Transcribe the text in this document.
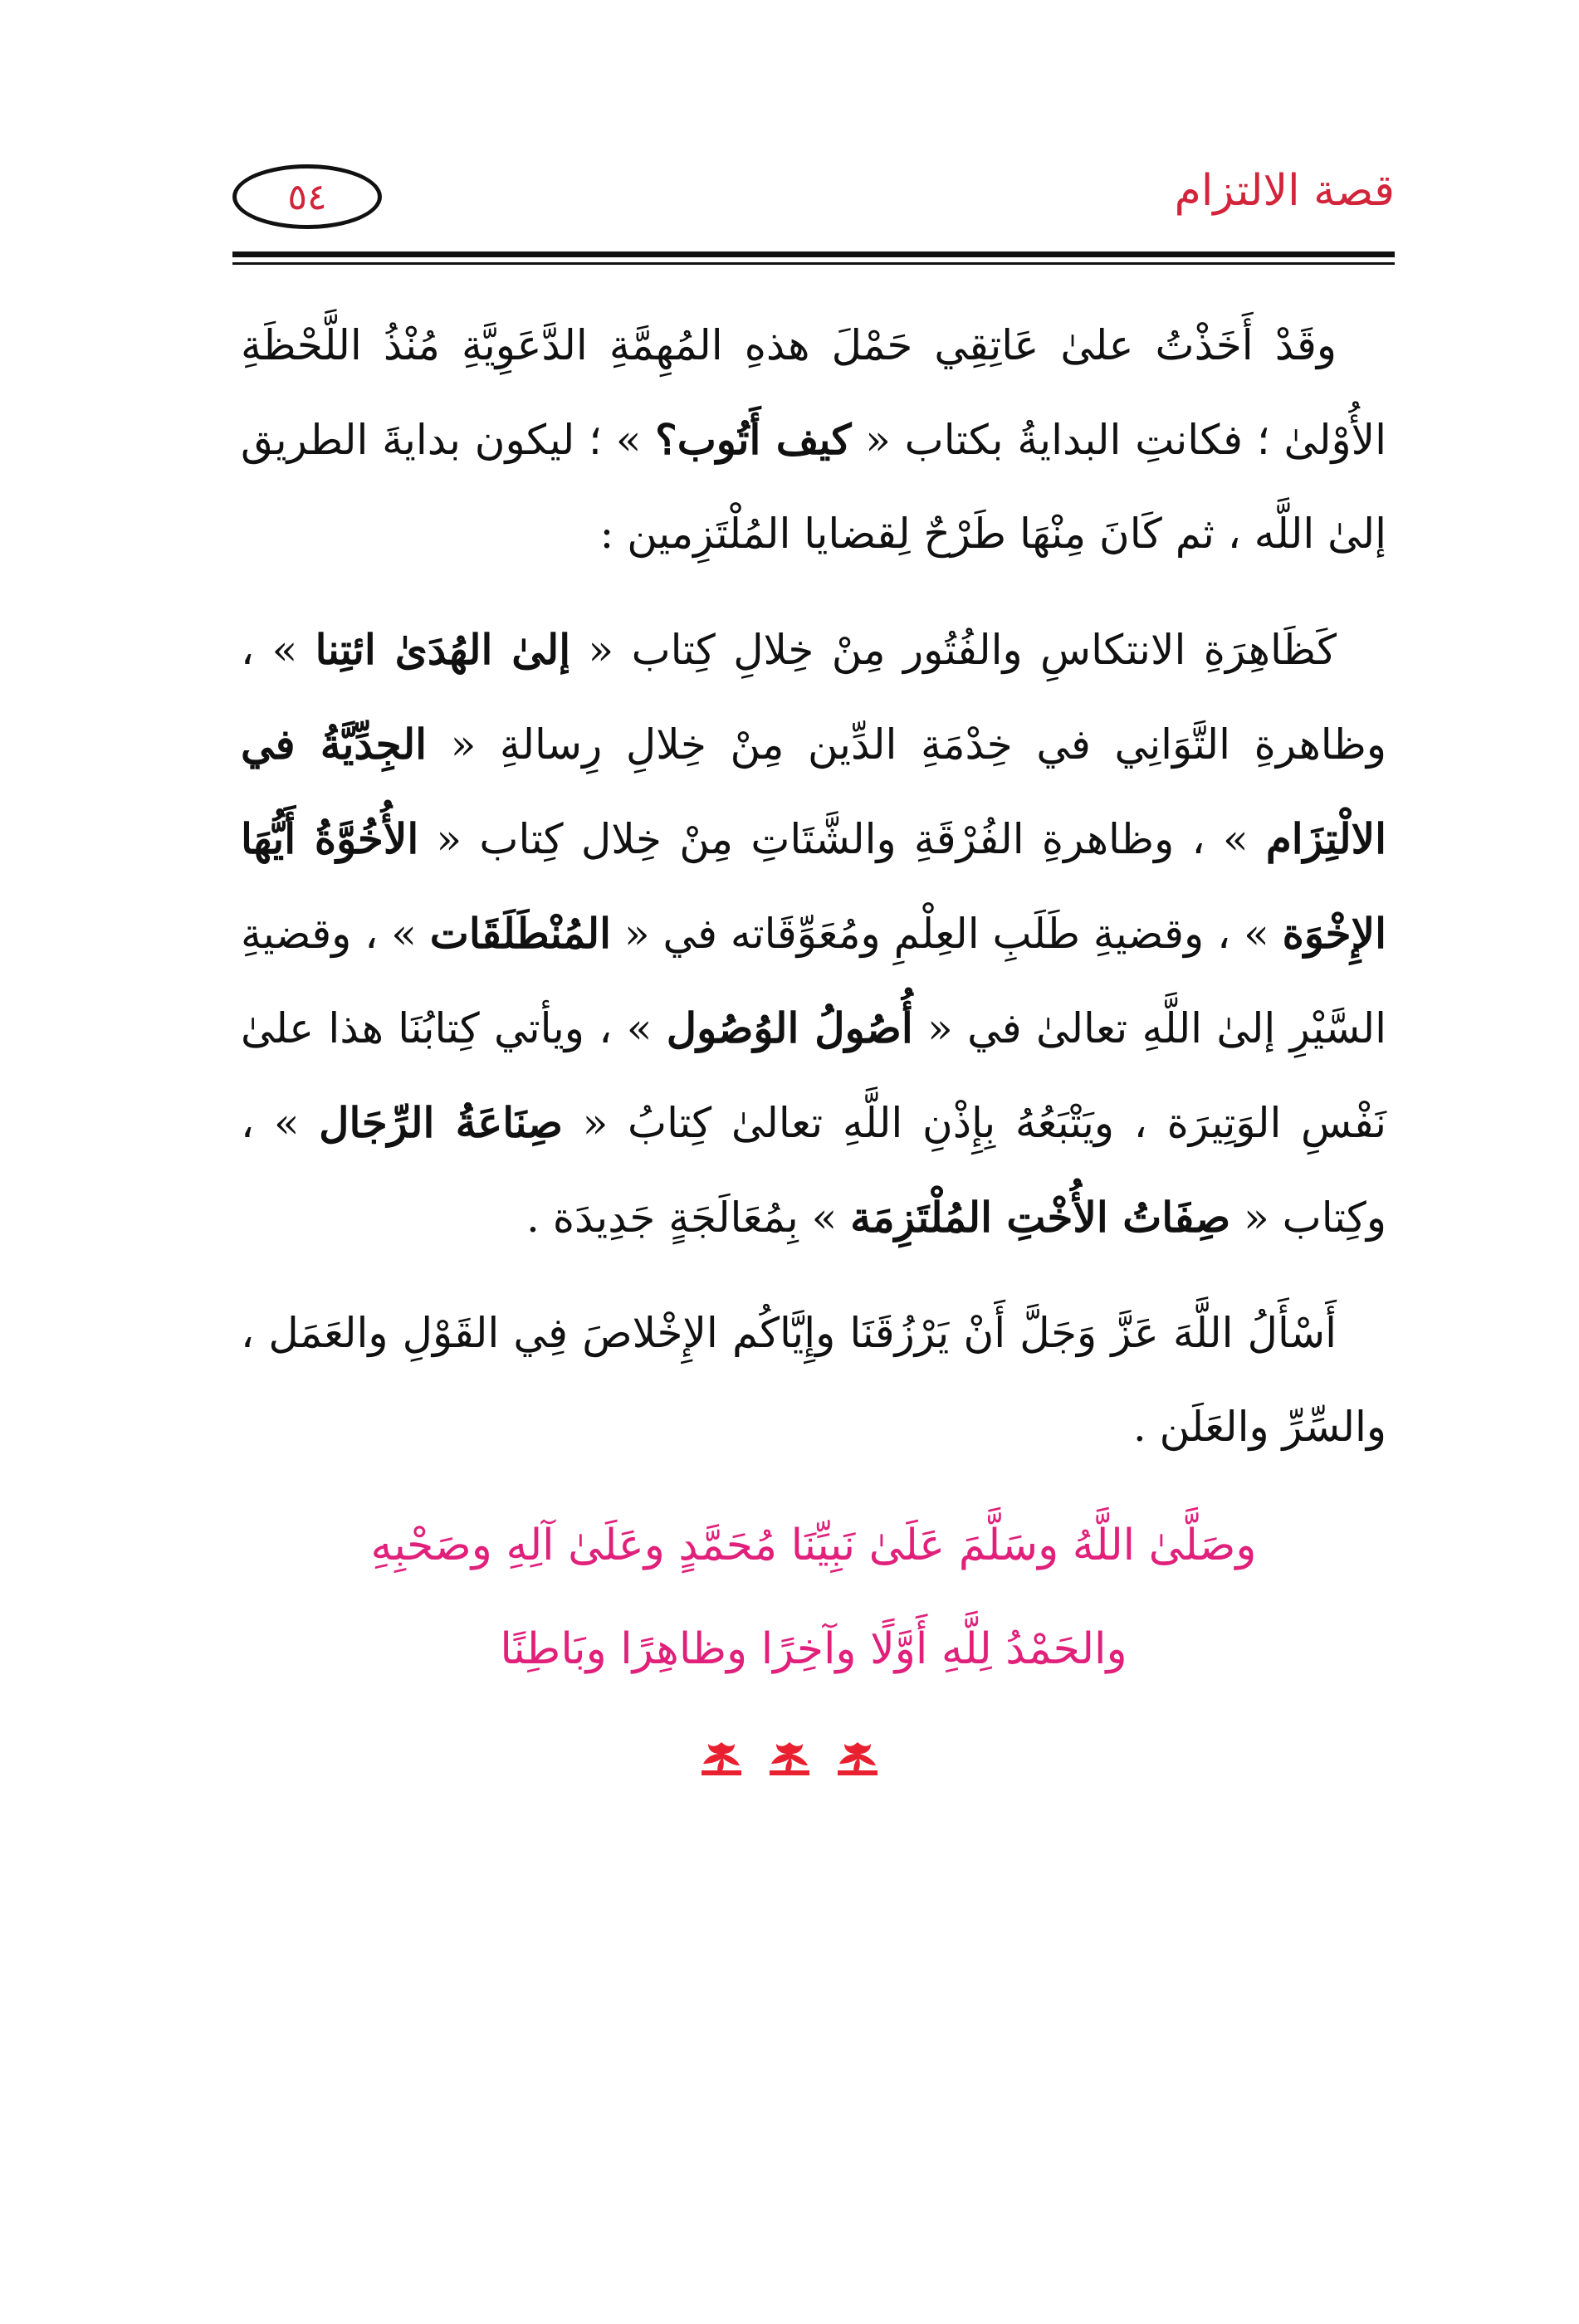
٥٤	قصة الالتزام

وقَدْ أَخَذْتُ علىٰ عَاتِقِي حَمْلَ هذهِ المُهِمَّةِ الدَّعَوِيَّةِ مُنْذُ اللَّحْظَةِ الأُوْلىٰ ؛ فكانتِ البدايةُ بكتاب « كيف أَتُوب؟ » ؛ ليكون بدايةَ الطريق إلىٰ اللَّه ، ثم كَانَ مِنْهَا طَرْحٌ لِقضايا المُلْتَزِمين :

كَظَاهِرَةِ الانتكاسِ والفُتُور مِنْ خِلالِ كِتاب « إلىٰ الهُدَىٰ ائتِنا » ، وظاهرةِ التَّوَانِي في خِدْمَةِ الدِّين مِنْ خِلالِ رِسالةِ « الجِدِّيَّةُ في الالْتِزَام » ، وظاهرةِ الفُرْقَةِ والشَّتَاتِ مِنْ خِلال كِتاب « الأُخُوَّةُ أَيُّهَا الإِخْوَة » ، وقضيةِ طَلَبِ العِلْمِ ومُعَوِّقَاته في « المُنْطَلَقَات » ، وقضيةِ السَّيْرِ إلىٰ اللَّهِ تعالىٰ في « أُصُولُ الوُصُول » ، ويأتي كِتابُنَا هذا علىٰ نَفْسِ الوَتِيرَة ، ويَتْبَعُهُ بِإِذْنِ اللَّهِ تعالىٰ كِتابُ « صِنَاعَةُ الرِّجَال » ، وكِتاب « صِفَاتُ الأُخْتِ المُلْتَزِمَة » بِمُعَالَجَةٍ جَدِيدَة .

أَسْأَلُ اللَّهَ عَزَّ وَجَلَّ أَنْ يَرْزُقَنَا وإِيَّاكُم الإِخْلاصَ فِي القَوْلِ والعَمَل ، والسِّرِّ والعَلَن .

وصَلَّىٰ اللَّهُ وسَلَّمَ عَلَىٰ نَبِيِّنَا مُحَمَّدٍ وعَلَىٰ آلِهِ وصَحْبِهِ
والحَمْدُ لِلَّهِ أَوَّلًا وآخِرًا وظاهِرًا وبَاطِنًا
